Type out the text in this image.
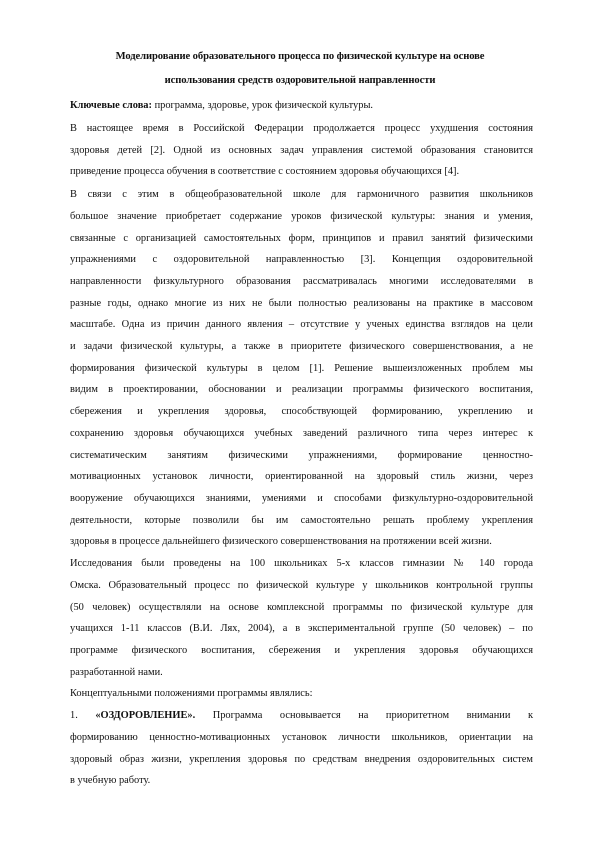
Моделирование образовательного процесса по физической культуре на основе
использования средств оздоровительной направленности
Ключевые слова: программа, здоровье, урок физической культуры.
В настоящее время в Российской Федерации продолжается процесс ухудшения состояния
здоровья детей [2]. Одной из основных задач управления системой образования становится
приведение процесса обучения в соответствие с состоянием здоровья обучающихся [4].
В связи с этим в общеобразовательной школе для гармоничного развития школьников
большое значение приобретает содержание уроков физической культуры: знания и умения,
связанные с организацией самостоятельных форм, принципов и правил занятий физическими
упражнениями с оздоровительной направленностью [3]. Концепция оздоровительной
направленности физкультурного образования рассматривалась многими исследователями в
разные годы, однако многие из них не были полностью реализованы на практике в массовом
масштабе. Одна из причин данного явления – отсутствие у ученых единства взглядов на цели
и задачи физической культуры, а также в приоритете физического совершенствования, а не
формирования физической культуры в целом [1]. Решение вышеизложенных проблем мы
видим в проектировании, обосновании и реализации программы физического воспитания,
сбережения и укрепления здоровья, способствующей формированию, укреплению и
сохранению здоровья обучающихся учебных заведений различного типа через интерес к
систематическим занятиям физическими упражнениями, формирование ценностно-
мотивационных установок личности, ориентированной на здоровый стиль жизни, через
вооружение обучающихся знаниями, умениями и способами физкультурно-оздоровительной
деятельности, которые позволили бы им самостоятельно решать проблему укрепления
здоровья в процессе дальнейшего физического совершенствования на протяжении всей жизни.
Исследования были проведены на 100 школьниках 5-х классов гимназии № 140 города
Омска. Образовательный процесс по физической культуре у школьников контрольной группы
(50 человек) осуществляли на основе комплексной программы по физической культуре для
учащихся 1-11 классов (В.И. Лях, 2004), а в экспериментальной группе (50 человек) – по
программе физического воспитания, сбережения и укрепления здоровья обучающихся
разработанной нами.
Концептуальными положениями программы являлись:
1. «ОЗДОРОВЛЕНИЕ». Программа основывается на приоритетном внимании к
формированию ценностно-мотивационных установок личности школьников, ориентации на
здоровый образ жизни, укрепления здоровья по средствам внедрения оздоровительных систем
в учебную работу.
